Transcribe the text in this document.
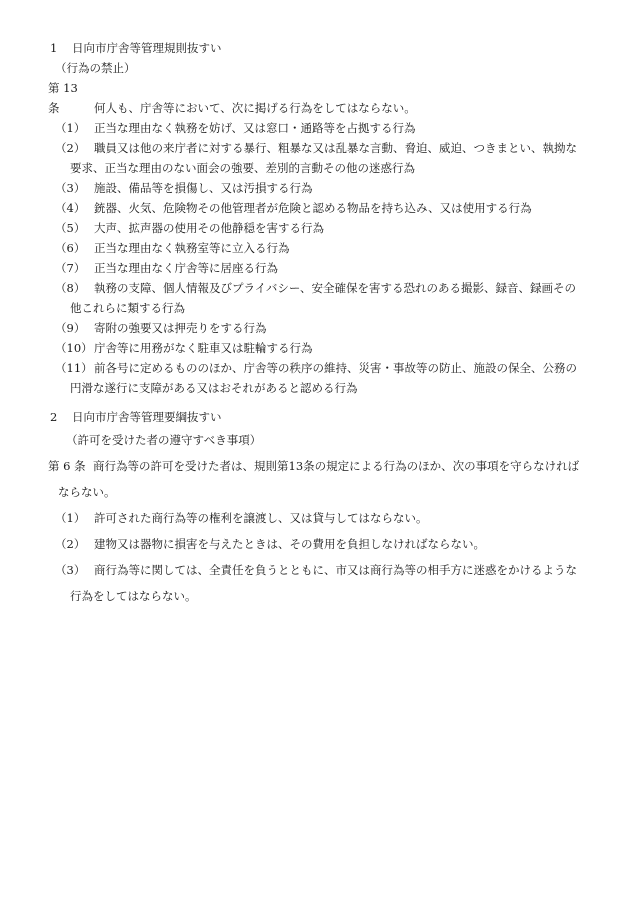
1 日向市庁舎等管理規則抜すい
（行為の禁止）
第 13 条	何人も、庁舎等において、次に掲げる行為をしてはならない。
（1） 正当な理由なく執務を妨げ、又は窓口・通路等を占拠する行為
（2） 職員又は他の来庁者に対する暴行、粗暴な又は乱暴な言動、脅迫、威迫、つきまとい、執拗な
要求、正当な理由のない面会の強要、差別的言動その他の迷惑行為
（3） 施設、備品等を損傷し、又は汚損する行為
（4） 銃器、火気、危険物その他管理者が危険と認める物品を持ち込み、又は使用する行為
（5） 大声、拡声器の使用その他静穏を害する行為
（6） 正当な理由なく執務室等に立入る行為
（7） 正当な理由なく庁舎等に居座る行為
（8） 執務の支障、個人情報及びプライバシー、安全確保を害する恐れのある撮影、録音、録画その
他これらに類する行為
（9） 寄附の強要又は押売りをする行為
（10） 庁舎等に用務がなく駐車又は駐輪する行為
（11） 前各号に定めるもののほか、庁舎等の秩序の維持、災害・事故等の防止、施設の保全、公務の
円滑な遂行に支障がある又はおそれがあると認める行為
2 日向市庁舎等管理要綱抜すい
（許可を受けた者の遵守すべき事項）
第 6 条 商行為等の許可を受けた者は、規則第13条の規定による行為のほか、次の事項を守らなければ
ならない。
（1） 許可された商行為等の権利を譲渡し、又は貸与してはならない。
（2） 建物又は器物に損害を与えたときは、その費用を負担しなければならない。
（3） 商行為等に関しては、全責任を負うとともに、市又は商行為等の相手方に迷惑をかけるような
行為をしてはならない。
